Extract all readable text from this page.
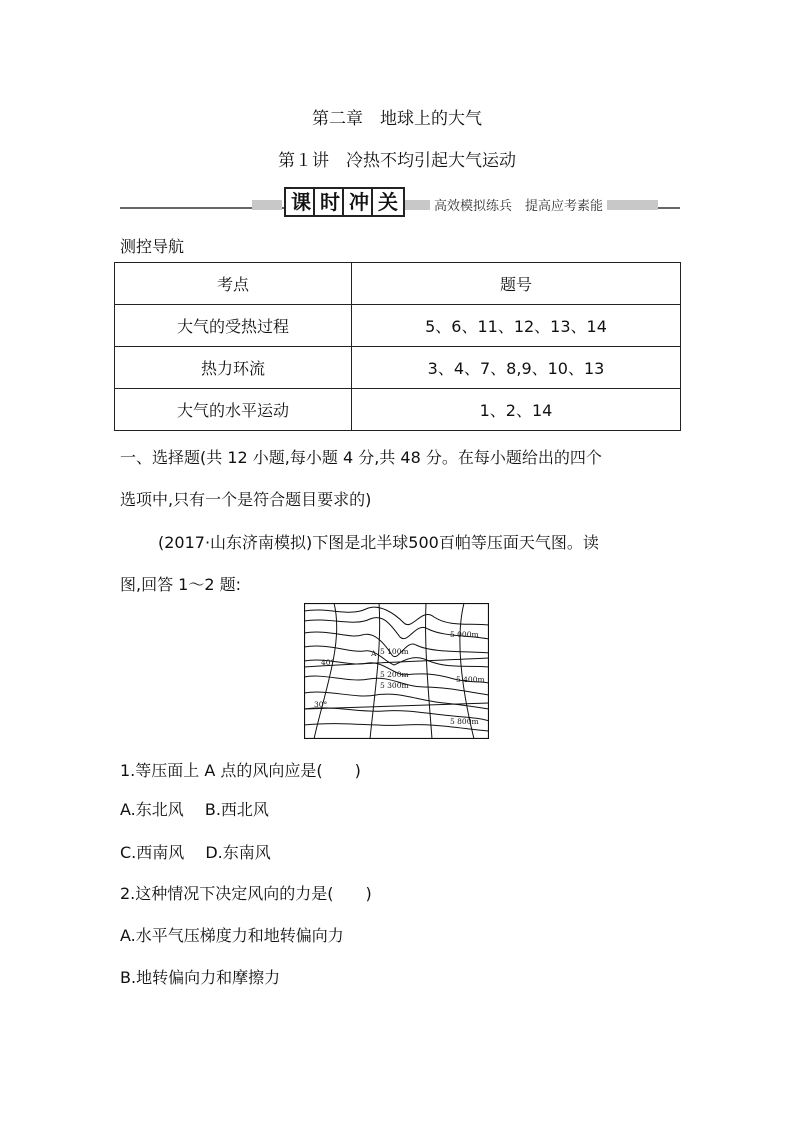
第二章　地球上的大气
第１讲　冷热不均引起大气运动
课 时 冲 关	高效模拟练兵　提高应考素能
测控导航
考点	题号
大气的受热过程	5、6、11、12、13、14
热力环流	3、4、7、8,9、10、13
大气的水平运动	1、2、14
一、选择题(共 12 小题,每小题 4 分,共 48 分。在每小题给出的四个
选项中,只有一个是符合题目要求的)
(2017·山东济南模拟)下图是北半球500百帕等压面天气图。读
图,回答 1～2 题:
5 000m
5 100m
5 200m
5 300m
5 400m
5 800m
40°
30°
A
1.等压面上 A 点的风向应是(　　)
A.东北风　 B.西北风
C.西南风　 D.东南风
2.这种情况下决定风向的力是(　　)
A.水平气压梯度力和地转偏向力
B.地转偏向力和摩擦力
